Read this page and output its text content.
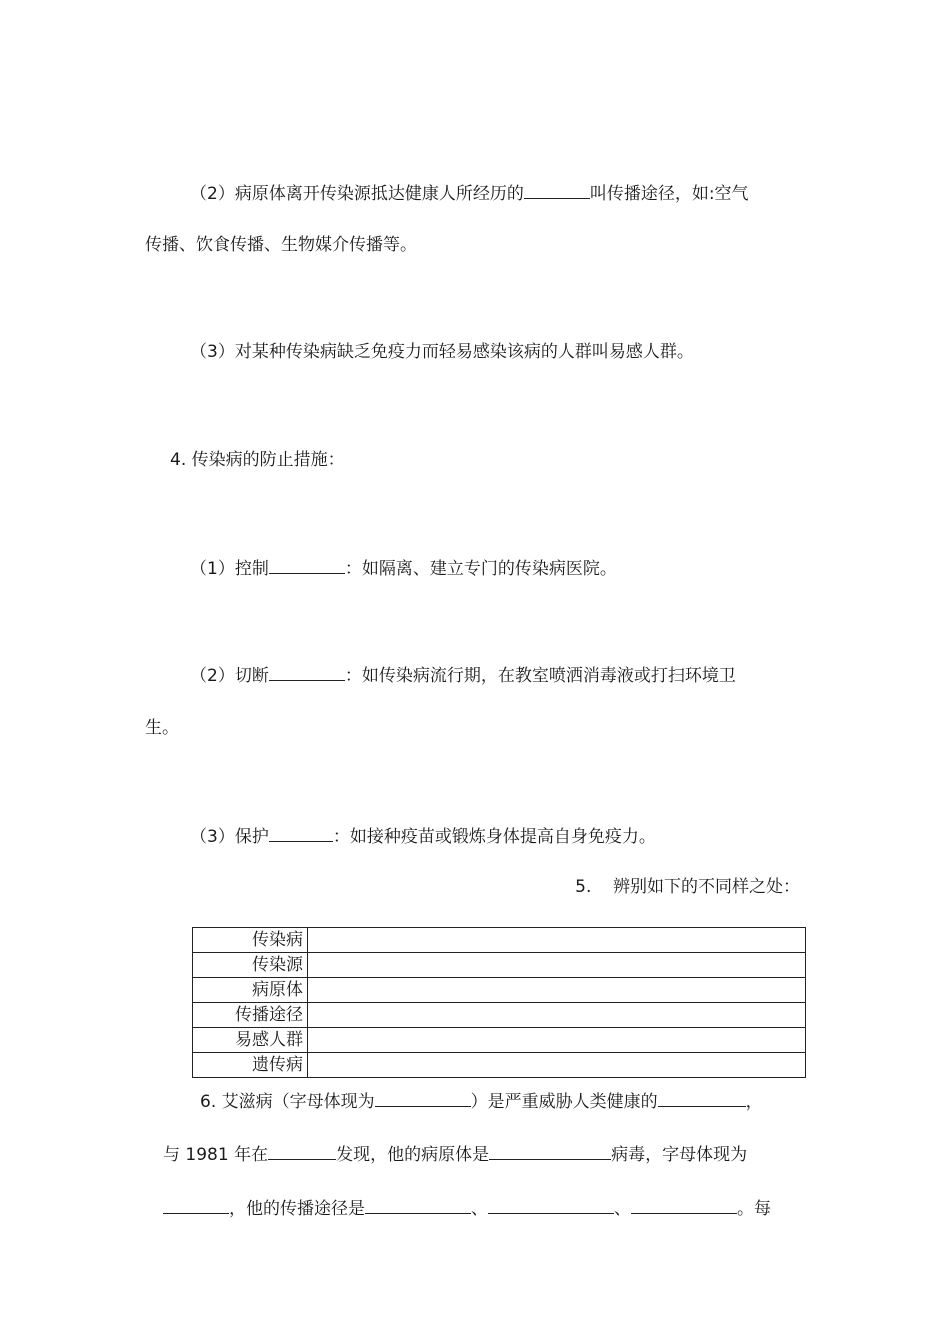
（2）病原体离开传染源抵达健康人所经历的	叫传播途径，如:空气
传播、饮食传播、生物媒介传播等。
（3）对某种传染病缺乏免疫力而轻易感染该病的人群叫易感人群。
4. 传染病的防止措施：
（1）控制	：如隔离、建立专门的传染病医院。
（2）切断	：如传染病流行期，在教室喷洒消毒液或打扫环境卫
生。
（3）保护	：如接种疫苗或锻炼身体提高自身免疫力。
5.    辨别如下的不同样之处：
传染病	
传染源	
病原体	
传播途径	
易感人群	
遗传病	
6. 艾滋病（字母体现为	）是严重威胁人类健康的	，
与 1981 年在	发现，他的病原体是	病毒，字母体现为
，他的传播途径是	、	、	。每
